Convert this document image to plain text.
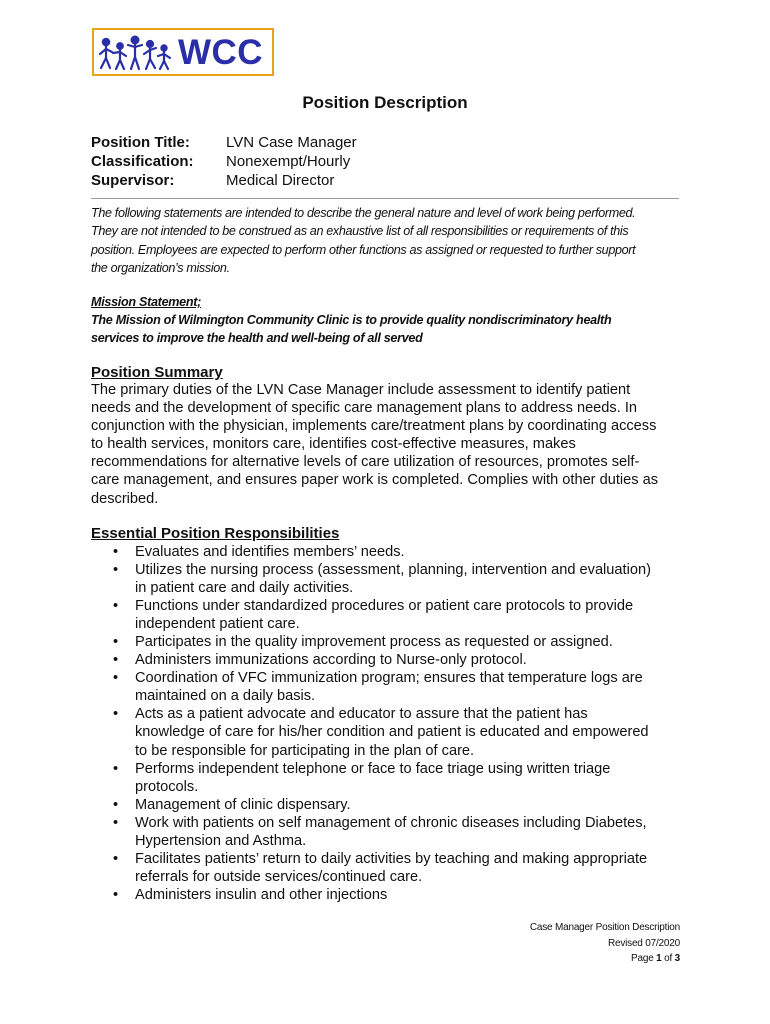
WCC
Position Description
Position Title: LVN Case Manager
Classification: Nonexempt/Hourly
Supervisor:	Medical Director
The following statements are intended to describe the general nature and level of work being performed.
They are not intended to be construed as an exhaustive list of all responsibilities or requirements of this
position. Employees are expected to perform other functions as assigned or requested to further support
the organization’s mission.
Mission Statement;
The Mission of Wilmington Community Clinic is to provide quality nondiscriminatory health
services to improve the health and well-being of all served
Position Summary
The primary duties of the LVN Case Manager include assessment to identify patient
needs and the development of specific care management plans to address needs. In
conjunction with the physician, implements care/treatment plans by coordinating access
to health services, monitors care, identifies cost-effective measures, makes
recommendations for alternative levels of care utilization of resources, promotes self-
care management, and ensures paper work is completed. Complies with other duties as
described.
Essential Position Responsibilities
• Evaluates and identifies members’ needs.
• Utilizes the nursing process (assessment, planning, intervention and evaluation)
in patient care and daily activities.
• Functions under standardized procedures or patient care protocols to provide
independent patient care.
• Participates in the quality improvement process as requested or assigned.
• Administers immunizations according to Nurse-only protocol.
• Coordination of VFC immunization program; ensures that temperature logs are
maintained on a daily basis.
• Acts as a patient advocate and educator to assure that the patient has
knowledge of care for his/her condition and patient is educated and empowered
to be responsible for participating in the plan of care.
• Performs independent telephone or face to face triage using written triage
protocols.
• Management of clinic dispensary.
• Work with patients on self management of chronic diseases including Diabetes,
Hypertension and Asthma.
• Facilitates patients’ return to daily activities by teaching and making appropriate
referrals for outside services/continued care.
• Administers insulin and other injections
Case Manager Position Description
Revised 07/2020
Page 1 of 3
